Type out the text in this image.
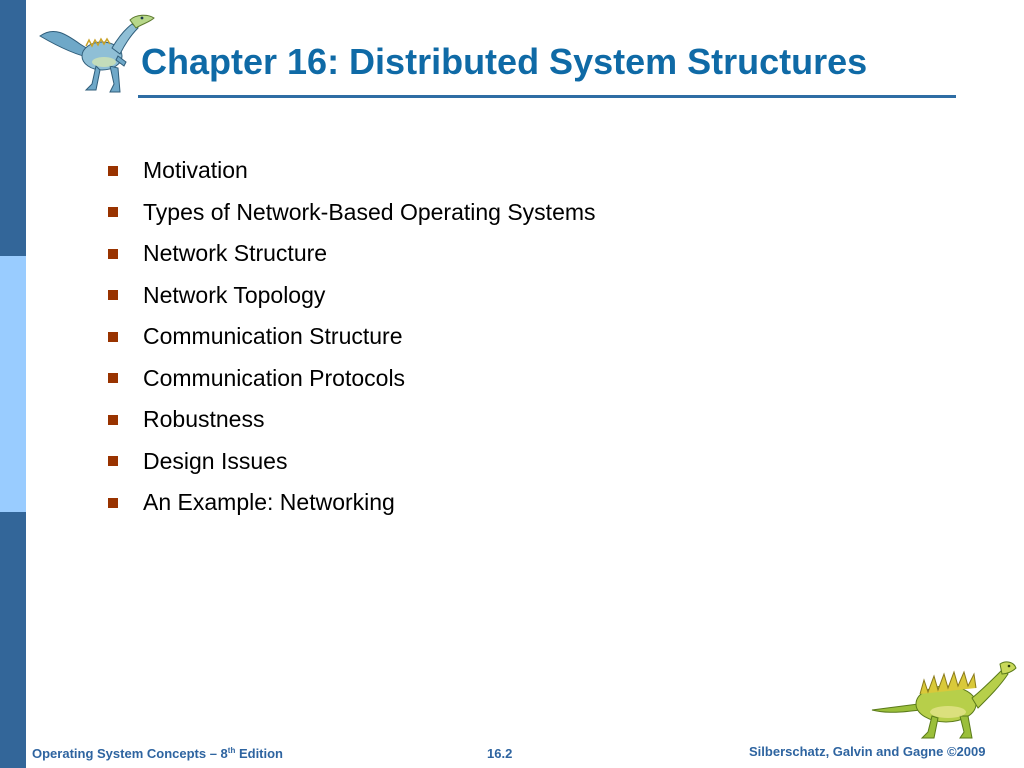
Chapter 16: Distributed System Structures
Motivation
Types of Network-Based Operating Systems
Network Structure
Network Topology
Communication Structure
Communication Protocols
Robustness
Design Issues
An Example: Networking
Operating System Concepts – 8th Edition	16.2	Silberschatz, Galvin and Gagne ©2009
